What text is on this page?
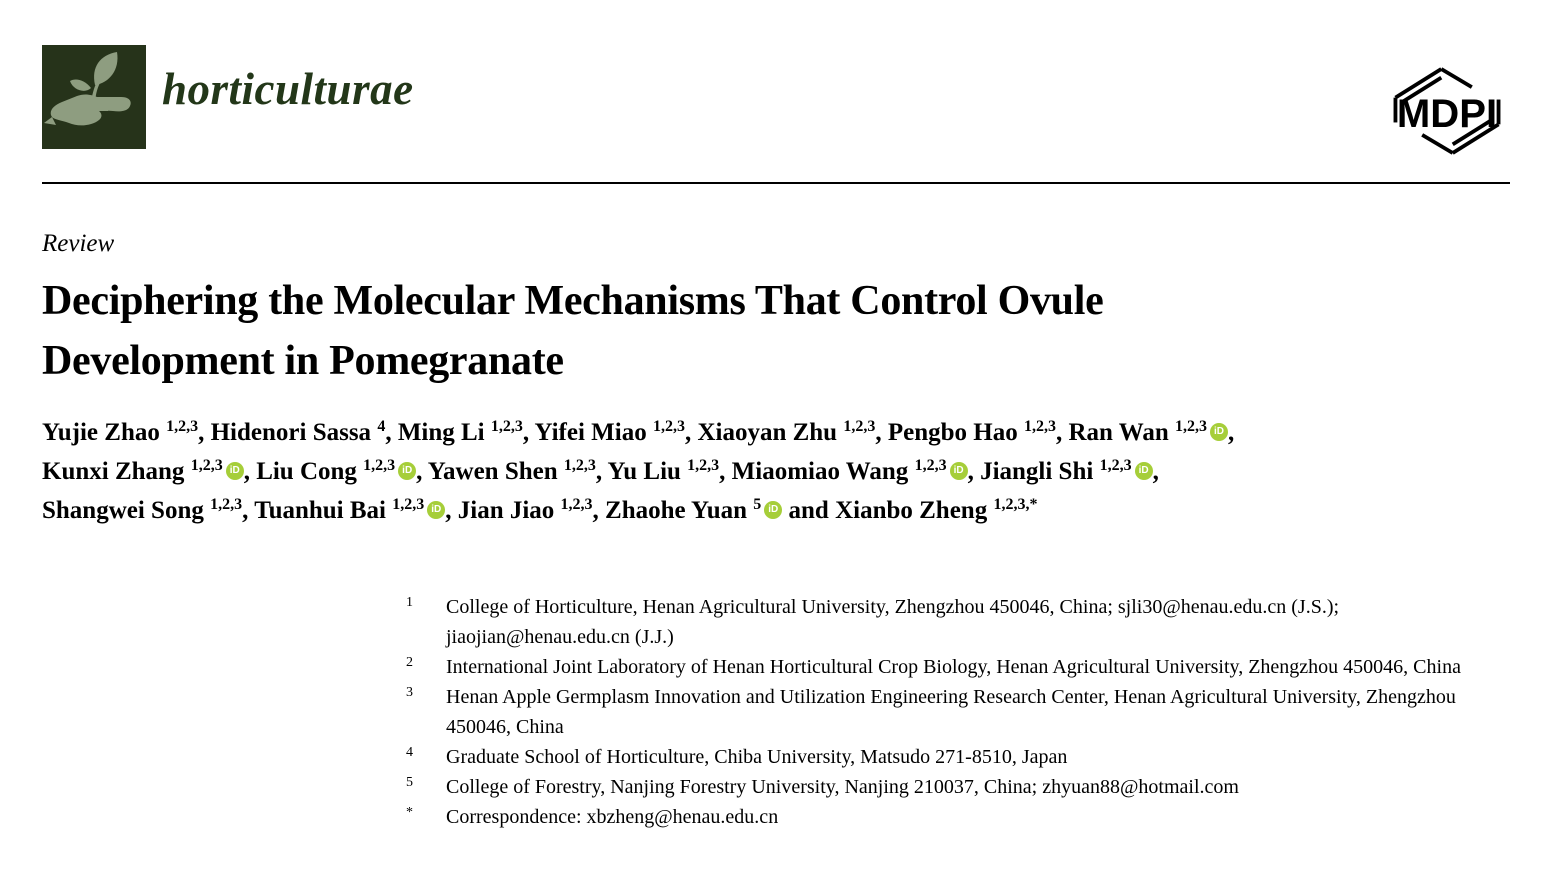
horticulturae
MDPI
Review
Deciphering the Molecular Mechanisms That Control Ovule
Development in Pomegranate
Yujie Zhao $^{1,2,3}$, Hidenori Sassa $^4$, Ming Li $^{1,2,3}$, Yifei Miao $^{1,2,3}$, Xiaoyan Zhu $^{1,2,3}$, Pengbo Hao $^{1,2,3}$, Ran Wan $^{1,2,3}$ iD ,
Kunxi Zhang $^{1,2,3}$ iD , Liu Cong $^{1,2,3}$ iD , Yawen Shen $^{1,2,3}$, Yu Liu $^{1,2,3}$, Miaomiao Wang $^{1,2,3}$ iD , Jiangli Shi $^{1,2,3}$ iD ,
Shangwei Song $^{1,2,3}$, Tuanhui Bai $^{1,2,3}$ iD , Jian Jiao $^{1,2,3}$, Zhaohe Yuan $^5$ iD and Xianbo Zheng $^{1,2,3,*}$
1	College of Horticulture, Henan Agricultural University, Zhengzhou 450046, China; sjli30@henau.edu.cn (J.S.); jiaojian@henau.edu.cn (J.J.)
2	International Joint Laboratory of Henan Horticultural Crop Biology, Henan Agricultural University, Zhengzhou 450046, China
3	Henan Apple Germplasm Innovation and Utilization Engineering Research Center, Henan Agricultural University, Zhengzhou 450046, China
4	Graduate School of Horticulture, Chiba University, Matsudo 271-8510, Japan
5	College of Forestry, Nanjing Forestry University, Nanjing 210037, China; zhyuan88@hotmail.com
*	Correspondence: xbzheng@henau.edu.cn
